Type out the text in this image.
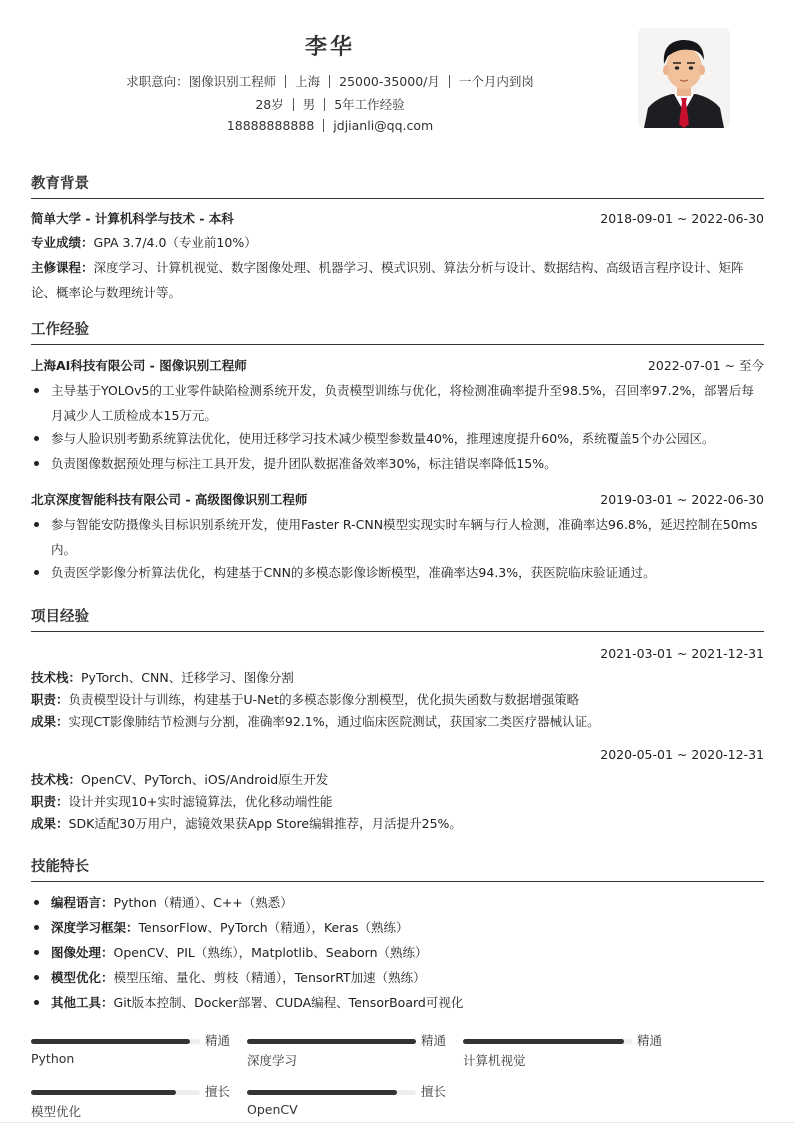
李华
求职意向：图像识别工程师 上海 25000-35000/月 一个月内到岗
28岁 男 5年工作经验
18888888888 jdjianli@qq.com
教育背景
简单大学 - 计算机科学与技术 - 本科	2018-09-01 ~ 2022-06-30
专业成绩：GPA 3.7/4.0（专业前10%）
主修课程：深度学习、计算机视觉、数字图像处理、机器学习、模式识别、算法分析与设计、数据结构、高级语言程序设计、矩阵论、概率论与数理统计等。
工作经验
上海AI科技有限公司 - 图像识别工程师	2022-07-01 ~ 至今
主导基于YOLOv5的工业零件缺陷检测系统开发，负责模型训练与优化，将检测准确率提升至98.5%，召回率97.2%，部署后每月减少人工质检成本15万元。
参与人脸识别考勤系统算法优化，使用迁移学习技术减少模型参数量40%，推理速度提升60%，系统覆盖5个办公园区。
负责图像数据预处理与标注工具开发，提升团队数据准备效率30%，标注错误率降低15%。
北京深度智能科技有限公司 - 高级图像识别工程师	2019-03-01 ~ 2022-06-30
参与智能安防摄像头目标识别系统开发，使用Faster R-CNN模型实现实时车辆与行人检测，准确率达96.8%，延迟控制在50ms内。
负责医学影像分析算法优化，构建基于CNN的多模态影像诊断模型，准确率达94.3%，获医院临床验证通过。
项目经验
2021-03-01 ~ 2021-12-31
技术栈：PyTorch、CNN、迁移学习、图像分割
职责：负责模型设计与训练，构建基于U-Net的多模态影像分割模型，优化损失函数与数据增强策略
成果：实现CT影像肺结节检测与分割，准确率92.1%，通过临床医院测试，获国家二类医疗器械认证。
2020-05-01 ~ 2020-12-31
技术栈：OpenCV、PyTorch、iOS/Android原生开发
职责：设计并实现10+实时滤镜算法，优化移动端性能
成果：SDK适配30万用户，滤镜效果获App Store编辑推荐，月活提升25%。
技能特长
编程语言：Python（精通）、C++（熟悉）
深度学习框架：TensorFlow、PyTorch（精通），Keras（熟练）
图像处理：OpenCV、PIL（熟练），Matplotlib、Seaborn（熟练）
模型优化：模型压缩、量化、剪枝（精通），TensorRT加速（熟练）
其他工具：Git版本控制、Docker部署、CUDA编程、TensorBoard可视化
精通
Python
精通
深度学习
精通
计算机视觉
擅长
模型优化
擅长
OpenCV
